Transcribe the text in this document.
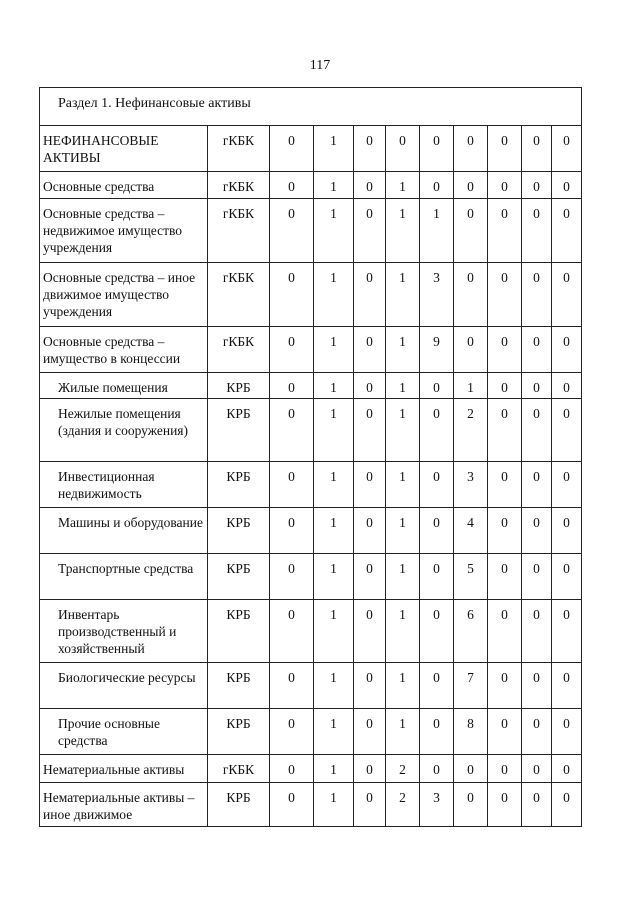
117
Раздел 1. Нефинансовые активы										
НЕФИНАНСОВЫЕ АКТИВЫ	гКБК	0	1	0	0	0	0	0	0	0
Основные средства	гКБК	0	1	0	1	0	0	0	0	0
Основные средства – недвижимое имущество учреждения	гКБК	0	1	0	1	1	0	0	0	0
Основные средства – иное движимое имущество учреждения	гКБК	0	1	0	1	3	0	0	0	0
Основные средства – имущество в концессии	гКБК	0	1	0	1	9	0	0	0	0
Жилые помещения	КРБ	0	1	0	1	0	1	0	0	0
Нежилые помещения (здания и сооружения)	КРБ	0	1	0	1	0	2	0	0	0
Инвестиционная недвижимость	КРБ	0	1	0	1	0	3	0	0	0
Машины и оборудование	КРБ	0	1	0	1	0	4	0	0	0
Транспортные средства	КРБ	0	1	0	1	0	5	0	0	0
Инвентарь производственный и хозяйственный	КРБ	0	1	0	1	0	6	0	0	0
Биологические ресурсы	КРБ	0	1	0	1	0	7	0	0	0
Прочие основные средства	КРБ	0	1	0	1	0	8	0	0	0
Нематериальные активы	гКБК	0	1	0	2	0	0	0	0	0
Нематериальные активы – иное движимое	КРБ	0	1	0	2	3	0	0	0	0
